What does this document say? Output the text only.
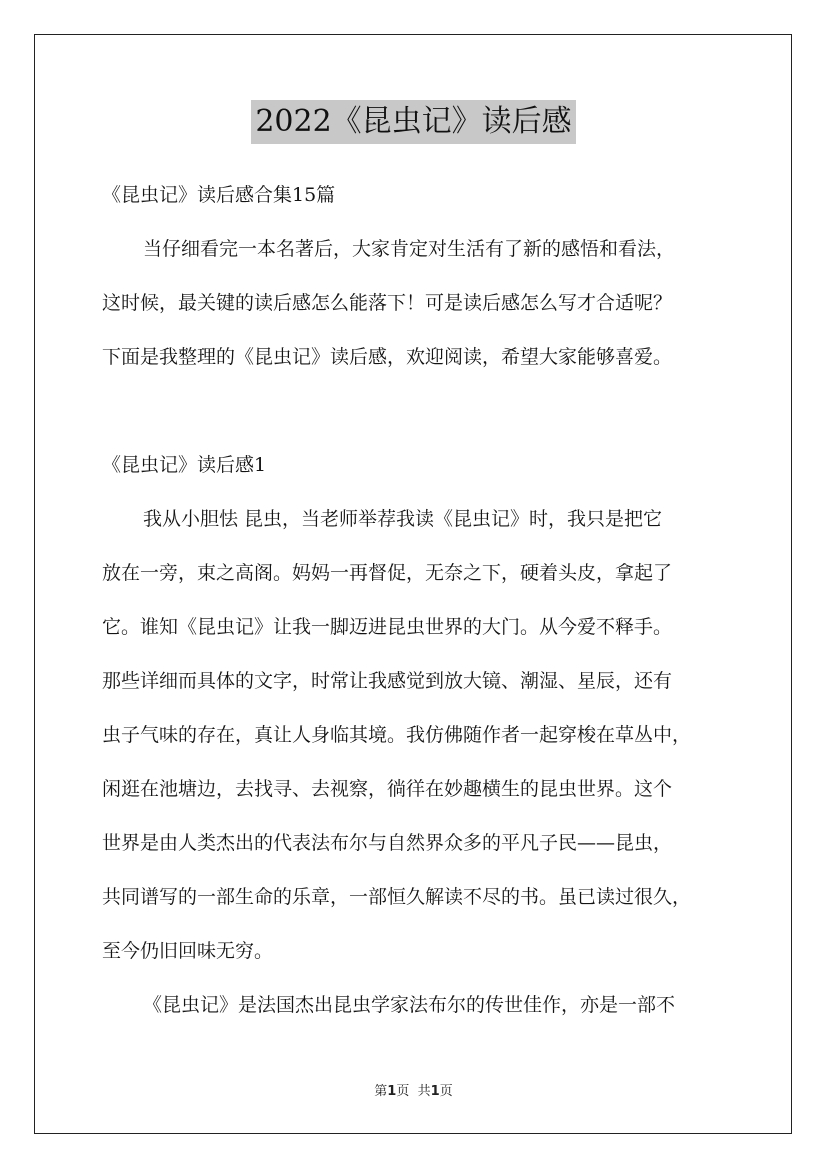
2022《昆虫记》读后感
《昆虫记》读后感合集15篇
当仔细看完一本名著后，大家肯定对生活有了新的感悟和看法，
这时候，最关键的读后感怎么能落下！可是读后感怎么写才合适呢？
下面是我整理的《昆虫记》读后感，欢迎阅读，希望大家能够喜爱。
《昆虫记》读后感1
我从小胆怯 昆虫，当老师举荐我读《昆虫记》时，我只是把它
放在一旁，束之高阁。妈妈一再督促，无奈之下，硬着头皮，拿起了
它。谁知《昆虫记》让我一脚迈进昆虫世界的大门。从今爱不释手。
那些详细而具体的文字，时常让我感觉到放大镜、潮湿、星辰，还有
虫子气味的存在，真让人身临其境。我仿佛随作者一起穿梭在草丛中，
闲逛在池塘边，去找寻、去视察，徜徉在妙趣横生的昆虫世界。这个
世界是由人类杰出的代表法布尔与自然界众多的平凡子民——昆虫，
共同谱写的一部生命的乐章，一部恒久解读不尽的书。虽已读过很久，
至今仍旧回味无穷。
《昆虫记》是法国杰出昆虫学家法布尔的传世佳作，亦是一部不
第1页 共1页
